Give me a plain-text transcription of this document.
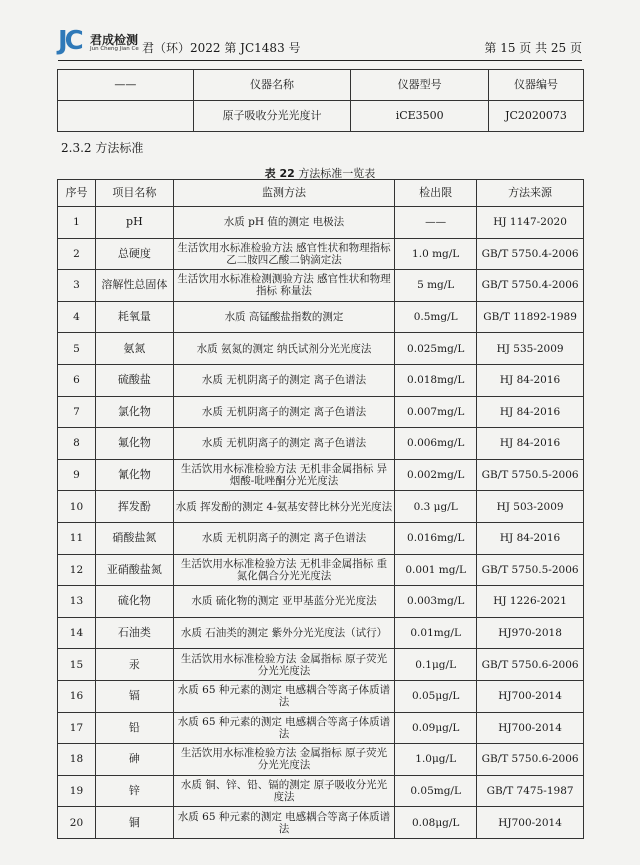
JC 君成检测
Jun Cheng Jian Ce 君（环）2022 第 JC1483 号	第 15 页 共 25 页
——	仪器名称	仪器型号	仪器编号
	原子吸收分光光度计	iCE3500	JC2020073
2.3.2 方法标准
表 22 方法标准一览表
序号	项目名称	监测方法	检出限	方法来源
1	pH	水质 pH 值的测定 电极法	——	HJ 1147-2020
2	总硬度	生活饮用水标准检验方法 感官性状和物理指标 乙二胺四乙酸二钠滴定法	1.0 mg/L	GB/T 5750.4-2006
3	溶解性总固体	生活饮用水标准检测测验方法 感官性状和物理指标 称量法	5 mg/L	GB/T 5750.4-2006
4	耗氧量	水质 高锰酸盐指数的测定	0.5mg/L	GB/T 11892-1989
5	氨氮	水质 氨氮的测定 纳氏试剂分光光度法	0.025mg/L	HJ 535-2009
6	硫酸盐	水质 无机阴离子的测定 离子色谱法	0.018mg/L	HJ 84-2016
7	氯化物	水质 无机阴离子的测定 离子色谱法	0.007mg/L	HJ 84-2016
8	氟化物	水质 无机阴离子的测定 离子色谱法	0.006mg/L	HJ 84-2016
9	氰化物	生活饮用水标准检验方法 无机非金属指标 异烟酸-吡唑酮分光光度法	0.002mg/L	GB/T 5750.5-2006
10	挥发酚	水质 挥发酚的测定 4-氨基安替比林分光光度法	0.3 μg/L	HJ 503-2009
11	硝酸盐氮	水质 无机阴离子的测定 离子色谱法	0.016mg/L	HJ 84-2016
12	亚硝酸盐氮	生活饮用水标准检验方法 无机非金属指标 重氮化偶合分光光度法	0.001 mg/L	GB/T 5750.5-2006
13	硫化物	水质 硫化物的测定 亚甲基蓝分光光度法	0.003mg/L	HJ 1226-2021
14	石油类	水质 石油类的测定 紫外分光光度法（试行）	0.01mg/L	HJ970-2018
15	汞	生活饮用水标准检验方法 金属指标 原子荧光分光光度法	0.1μg/L	GB/T 5750.6-2006
16	镉	水质 65 种元素的测定 电感耦合等离子体质谱法	0.05μg/L	HJ700-2014
17	铅	水质 65 种元素的测定 电感耦合等离子体质谱法	0.09μg/L	HJ700-2014
18	砷	生活饮用水标准检验方法 金属指标 原子荧光分光光度法	1.0μg/L	GB/T 5750.6-2006
19	锌	水质 铜、锌、铅、镉的测定 原子吸收分光光度法	0.05mg/L	GB/T 7475-1987
20	铜	水质 65 种元素的测定 电感耦合等离子体质谱法	0.08μg/L	HJ700-2014
